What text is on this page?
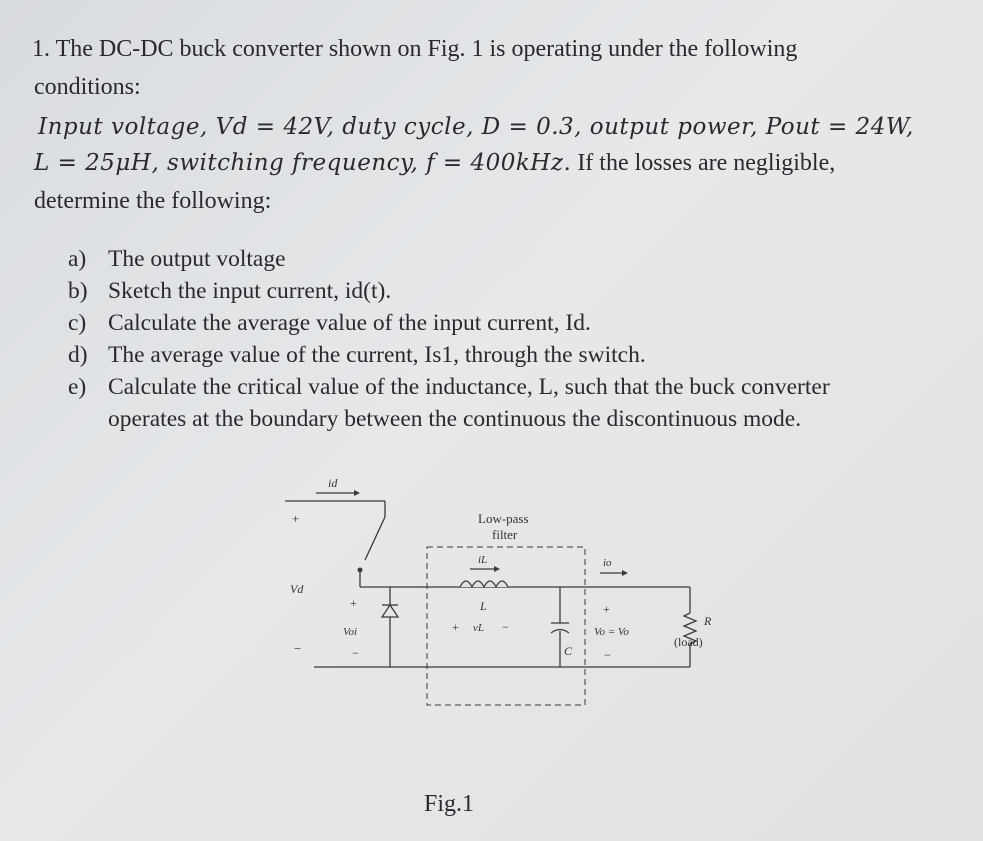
1. The DC-DC buck converter shown on Fig. 1 is operating under the following
conditions:
Input voltage, Vd = 42V, duty cycle, D = 0.3, output power, Pout = 24W,
L = 25μH, switching frequency, f = 400kHz. If the losses are negligible,
determine the following:
a) The output voltage
b) Sketch the input current, id(t).
c) Calculate the average value of the input current, Id.
d) The average value of the current, Is1, through the switch.
e) Calculate the critical value of the inductance, L, such that the buck converter
operates at the boundary between the continuous the discontinuous mode.
id
+
Vd
−
+
Voi
−
Low-pass
filter
iL
L
+ vL −
C
io
+
Vo = Vo
−
R
(load)
Fig.1
